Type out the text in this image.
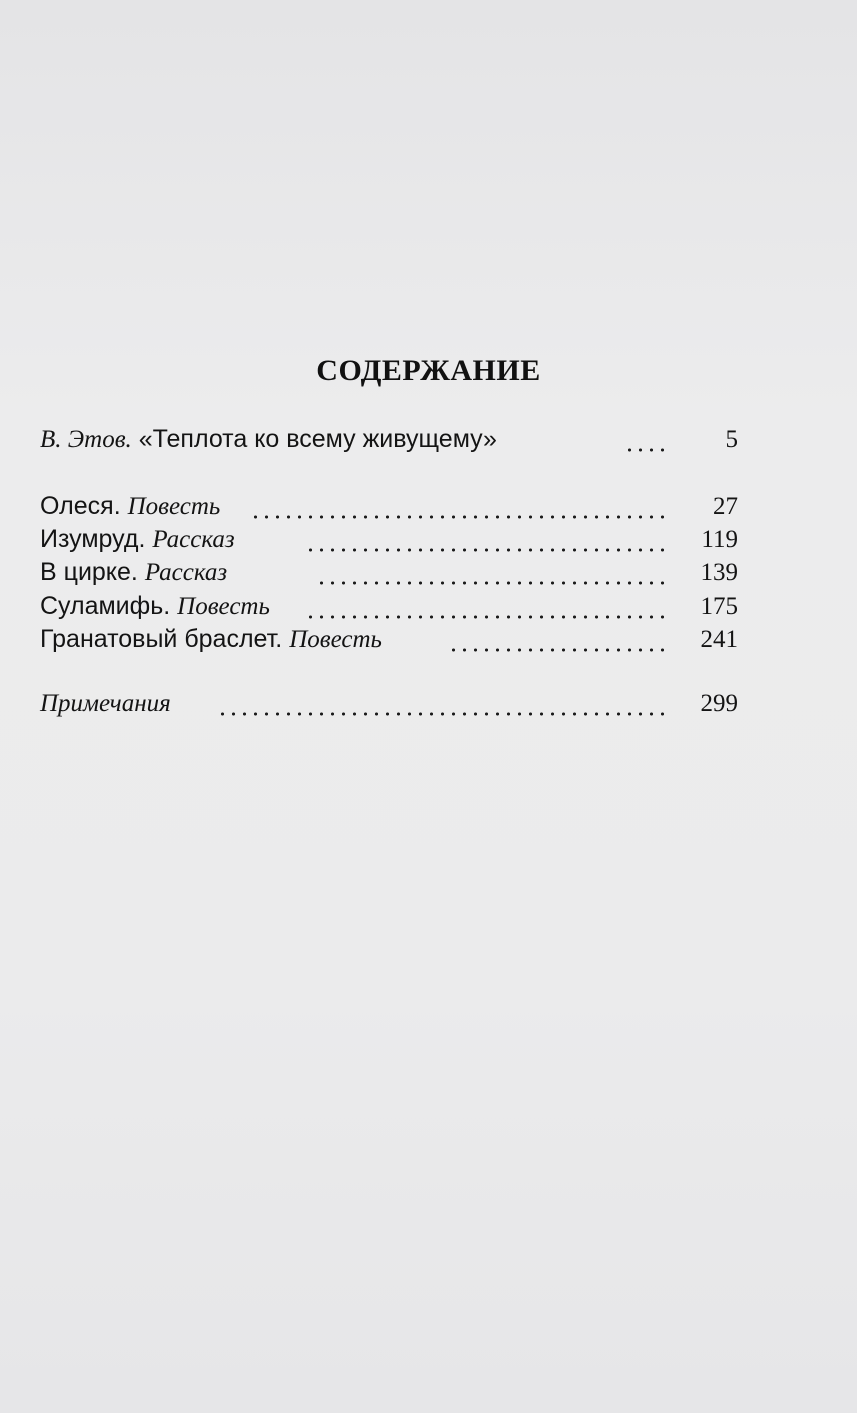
СОДЕРЖАНИЕ
В. Этов. «Теплота ко всему живущему»	5
Олеся. Повесть	27
Изумруд. Рассказ	119
В цирке. Рассказ	139
Суламифь. Повесть	175
Гранатовый браслет. Повесть	241
Примечания	299
